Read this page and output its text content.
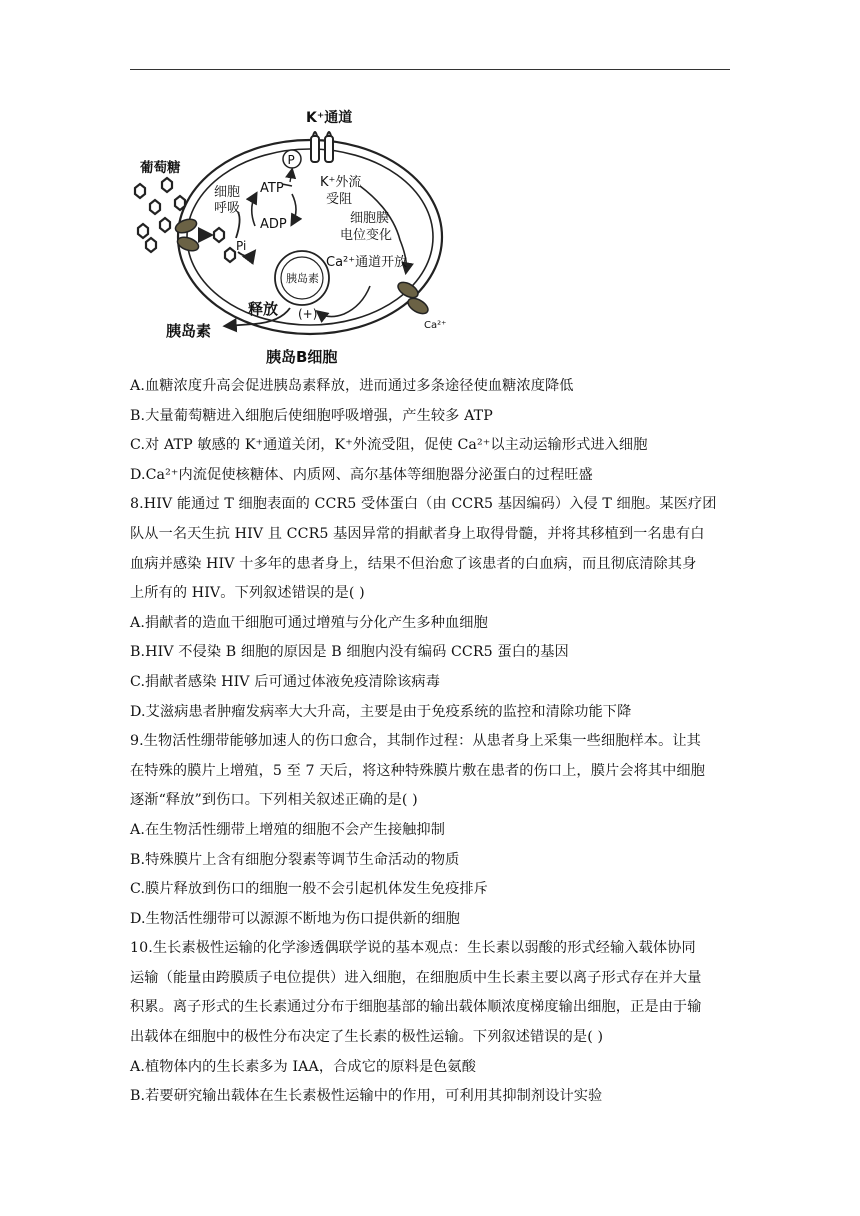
K⁺通道
葡萄糖
细胞
呼吸
ATP
ADP
Pi
P
K⁺外流
受阻
细胞膜
电位变化
胰岛素
Ca²⁺通道开放
Ca²⁺
释放 (+)
胰岛素
胰岛B细胞
A.血糖浓度升高会促进胰岛素释放，进而通过多条途径使血糖浓度降低
B.大量葡萄糖进入细胞后使细胞呼吸增强，产生较多 ATP
C.对 ATP 敏感的 K⁺通道关闭，K⁺外流受阻，促使 Ca²⁺以主动运输形式进入细胞
D.Ca²⁺内流促使核糖体、内质网、高尔基体等细胞器分泌蛋白的过程旺盛
8.HIV 能通过 T 细胞表面的 CCR5 受体蛋白（由 CCR5 基因编码）入侵 T 细胞。某医疗团
队从一名天生抗 HIV 且 CCR5 基因异常的捐献者身上取得骨髓，并将其移植到一名患有白
血病并感染 HIV 十多年的患者身上，结果不但治愈了该患者的白血病，而且彻底清除其身
上所有的 HIV。下列叙述错误的是( )
A.捐献者的造血干细胞可通过增殖与分化产生多种血细胞
B.HIV 不侵染 B 细胞的原因是 B 细胞内没有编码 CCR5 蛋白的基因
C.捐献者感染 HIV 后可通过体液免疫清除该病毒
D.艾滋病患者肿瘤发病率大大升高，主要是由于免疫系统的监控和清除功能下降
9.生物活性绷带能够加速人的伤口愈合，其制作过程：从患者身上采集一些细胞样本。让其
在特殊的膜片上增殖，5 至 7 天后，将这种特殊膜片敷在患者的伤口上，膜片会将其中细胞
逐渐“释放”到伤口。下列相关叙述正确的是( )
A.在生物活性绷带上增殖的细胞不会产生接触抑制
B.特殊膜片上含有细胞分裂素等调节生命活动的物质
C.膜片释放到伤口的细胞一般不会引起机体发生免疫排斥
D.生物活性绷带可以源源不断地为伤口提供新的细胞
10.生长素极性运输的化学渗透偶联学说的基本观点：生长素以弱酸的形式经输入载体协同
运输（能量由跨膜质子电位提供）进入细胞，在细胞质中生长素主要以离子形式存在并大量
积累。离子形式的生长素通过分布于细胞基部的输出载体顺浓度梯度输出细胞，正是由于输
出载体在细胞中的极性分布决定了生长素的极性运输。下列叙述错误的是( )
A.植物体内的生长素多为 IAA，合成它的原料是色氨酸
B.若要研究输出载体在生长素极性运输中的作用，可利用其抑制剂设计实验
